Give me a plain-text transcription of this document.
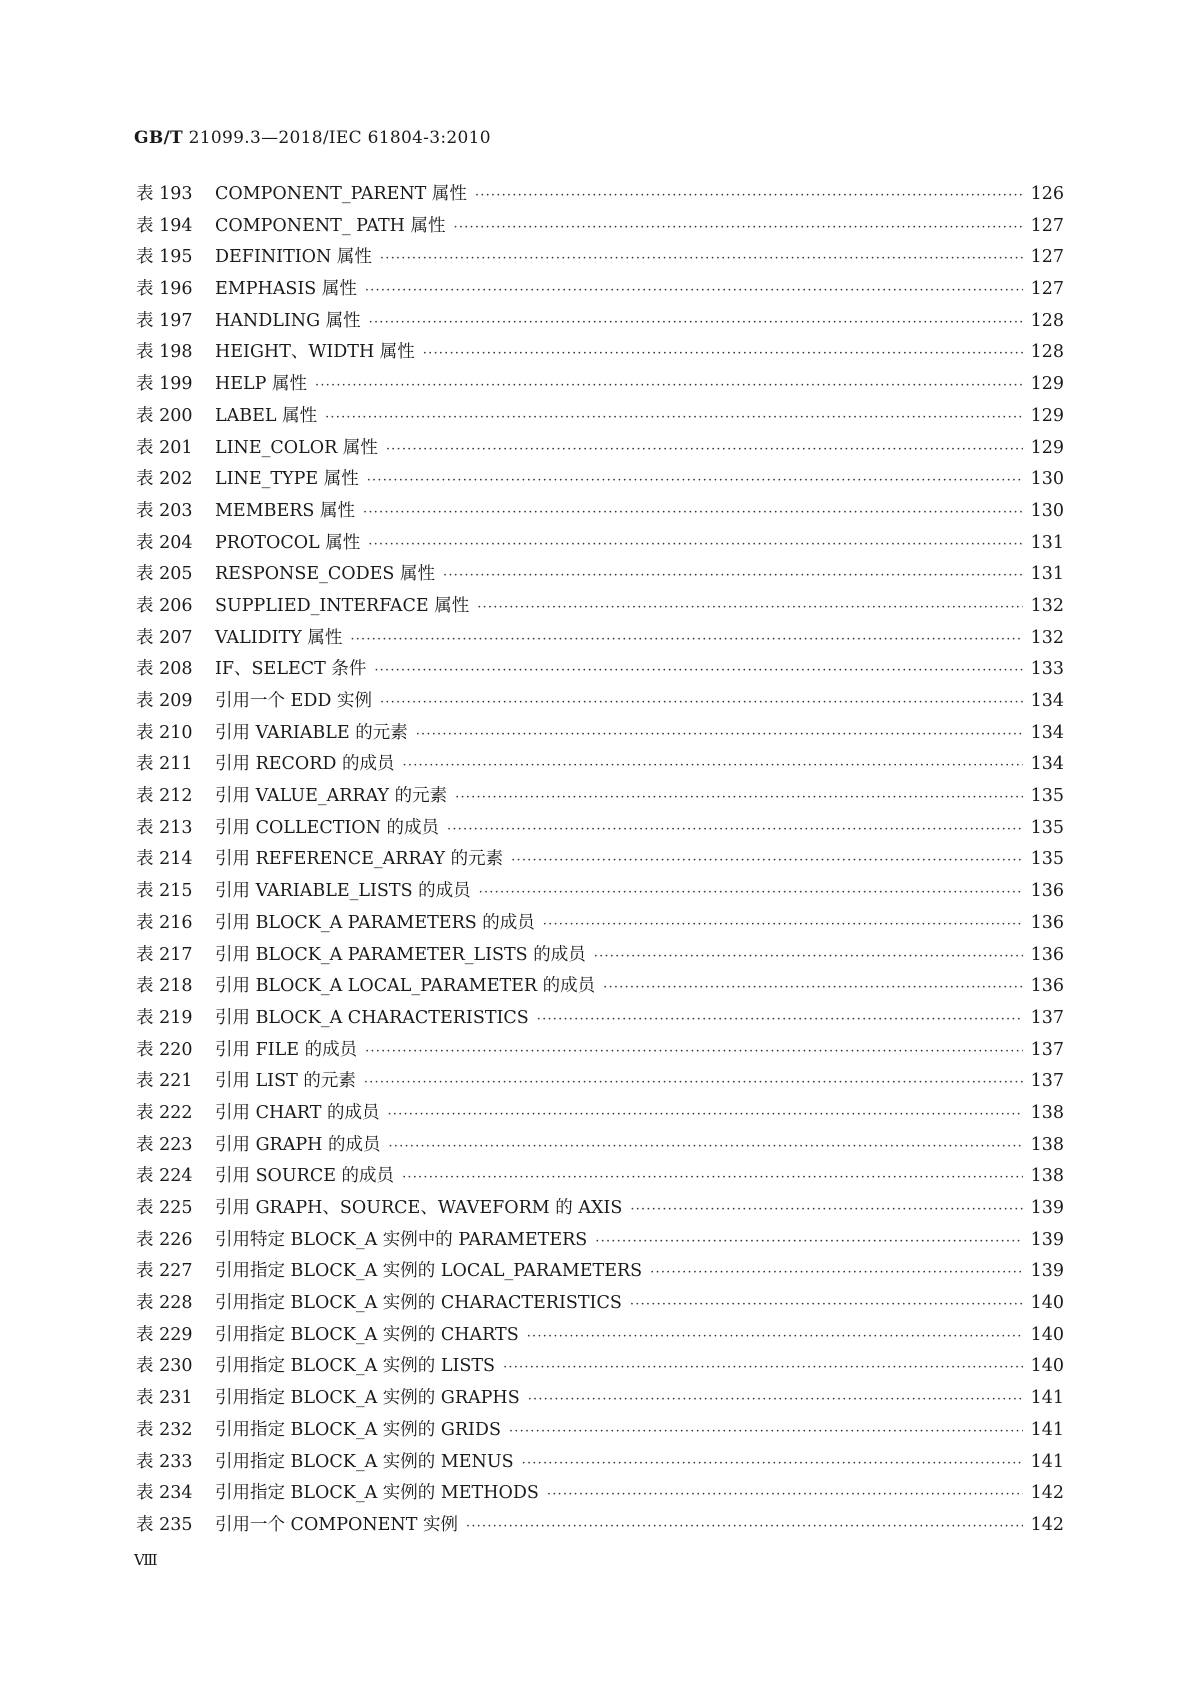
GB/T 21099.3—2018/IEC 61804-3:2010
表 193	COMPONENT_PARENT 属性 ·····	126
表 194	COMPONENT_ PATH 属性 ·····	127
表 195	DEFINITION 属性 ·····	127
表 196	EMPHASIS 属性 ·····	127
表 197	HANDLING 属性 ·····	128
表 198	HEIGHT、WIDTH 属性 ·····	128
表 199	HELP 属性 ·····	129
表 200	LABEL 属性 ·····	129
表 201	LINE_COLOR 属性 ·····	129
表 202	LINE_TYPE 属性 ·····	130
表 203	MEMBERS 属性 ·····	130
表 204	PROTOCOL 属性 ·····	131
表 205	RESPONSE_CODES 属性 ·····	131
表 206	SUPPLIED_INTERFACE 属性 ·····	132
表 207	VALIDITY 属性 ·····	132
表 208	IF、SELECT 条件 ·····	133
表 209	引用一个 EDD 实例 ·····	134
表 210	引用 VARIABLE 的元素 ·····	134
表 211	引用 RECORD 的成员 ·····	134
表 212	引用 VALUE_ARRAY 的元素 ·····	135
表 213	引用 COLLECTION 的成员 ·····	135
表 214	引用 REFERENCE_ARRAY 的元素 ·····	135
表 215	引用 VARIABLE_LISTS 的成员 ·····	136
表 216	引用 BLOCK_A PARAMETERS 的成员 ·····	136
表 217	引用 BLOCK_A PARAMETER_LISTS 的成员 ·····	136
表 218	引用 BLOCK_A LOCAL_PARAMETER 的成员 ·····	136
表 219	引用 BLOCK_A CHARACTERISTICS ·····	137
表 220	引用 FILE 的成员 ·····	137
表 221	引用 LIST 的元素 ·····	137
表 222	引用 CHART 的成员 ·····	138
表 223	引用 GRAPH 的成员 ·····	138
表 224	引用 SOURCE 的成员 ·····	138
表 225	引用 GRAPH、SOURCE、WAVEFORM 的 AXIS ·····	139
表 226	引用特定 BLOCK_A 实例中的 PARAMETERS ·····	139
表 227	引用指定 BLOCK_A 实例的 LOCAL_PARAMETERS ·····	139
表 228	引用指定 BLOCK_A 实例的 CHARACTERISTICS ·····	140
表 229	引用指定 BLOCK_A 实例的 CHARTS ·····	140
表 230	引用指定 BLOCK_A 实例的 LISTS ·····	140
表 231	引用指定 BLOCK_A 实例的 GRAPHS ·····	141
表 232	引用指定 BLOCK_A 实例的 GRIDS ·····	141
表 233	引用指定 BLOCK_A 实例的 MENUS ·····	141
表 234	引用指定 BLOCK_A 实例的 METHODS ·····	142
表 235	引用一个 COMPONENT 实例 ·····	142
Ⅷ
